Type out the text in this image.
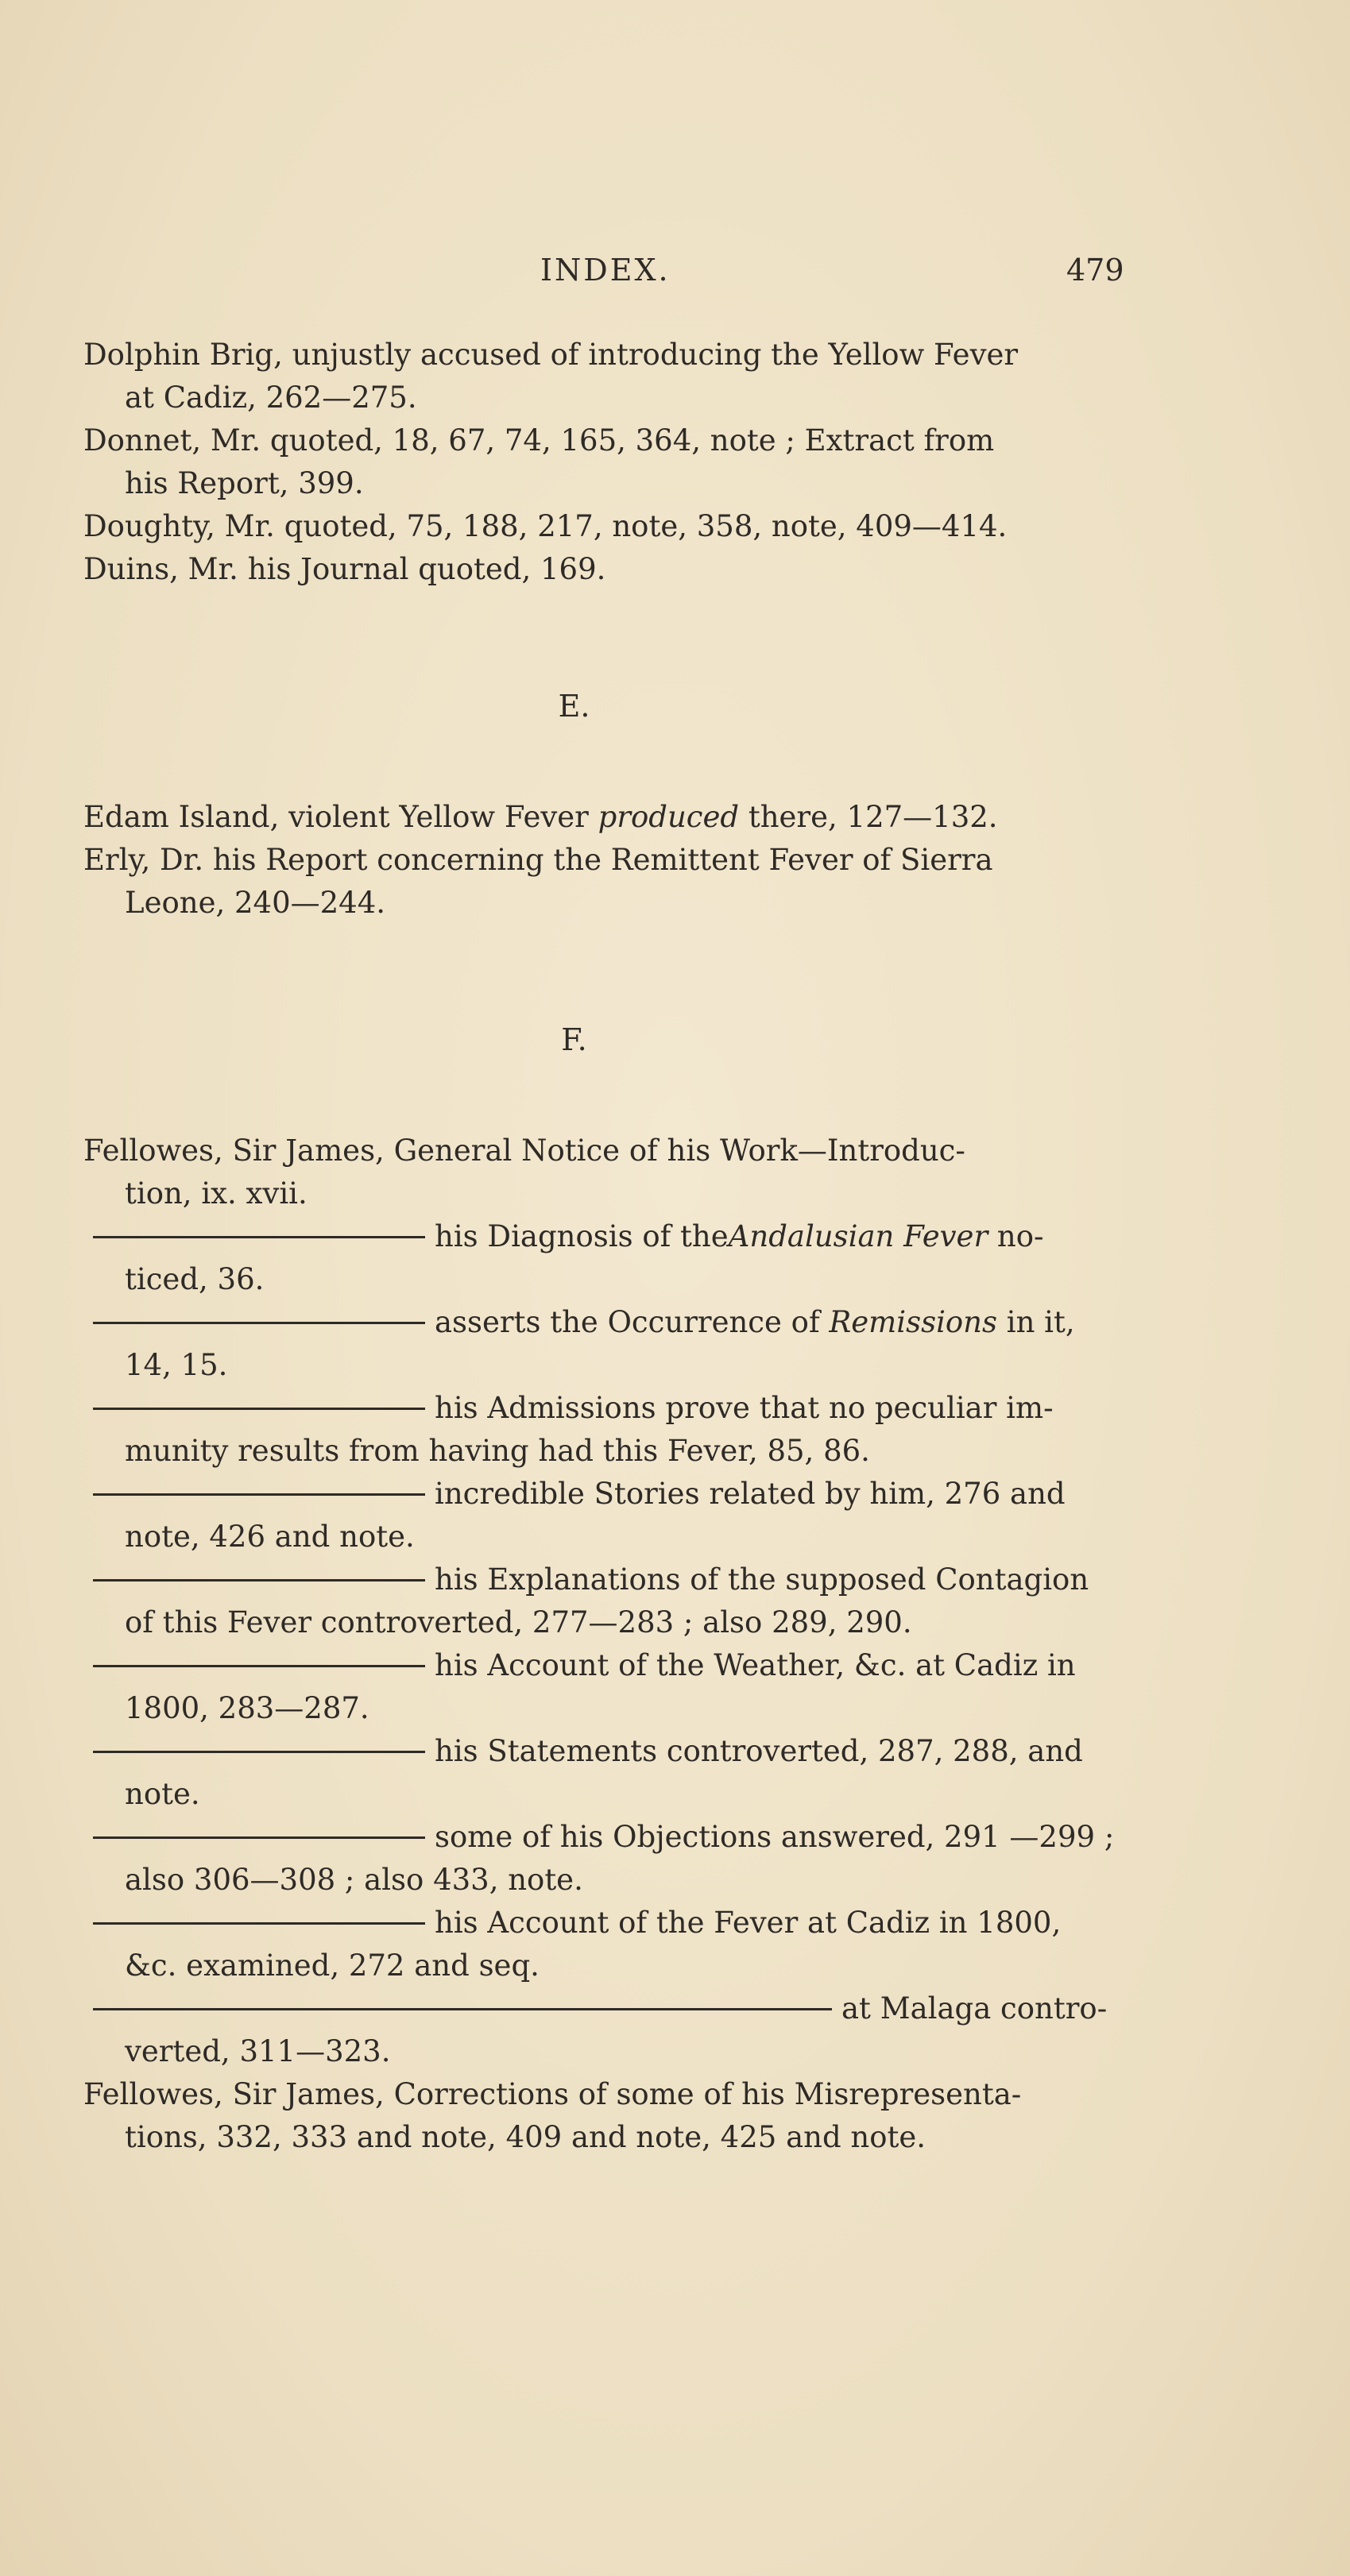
INDEX.	479
Dolphin Brig, unjustly accused of introducing the Yellow Fever
at Cadiz, 262—275.
Donnet, Mr. quoted, 18, 67, 74, 165, 364, note ; Extract from
his Report, 399.
Doughty, Mr. quoted, 75, 188, 217, note, 358, note, 409—414.
Duins, Mr. his Journal quoted, 169.
E.
Edam Island, violent Yellow Fever produced there, 127—132.
Erly, Dr. his Report concerning the Remittent Fever of Sierra
Leone, 240—244.
F.
Fellowes, Sir James, General Notice of his Work—Introduc-
tion, ix. xvii.
his Diagnosis of the Andalusian Fever no-
ticed, 36.
asserts the Occurrence of Remissions in it,
14, 15.
his Admissions prove that no peculiar im-
munity results from having had this Fever, 85, 86.
incredible Stories related by him, 276 and
note, 426 and note.
his Explanations of the supposed Contagion
of this Fever controverted, 277—283 ; also 289, 290.
his Account of the Weather, &c. at Cadiz in
1800, 283—287.
his Statements controverted, 287, 288, and
note.
some of his Objections answered, 291 —299 ;
also 306—308 ; also 433, note.
his Account of the Fever at Cadiz in 1800,
&c. examined, 272 and seq.
at Malaga contro-
verted, 311—323.
Fellowes, Sir James, Corrections of some of his Misrepresenta-
tions, 332, 333 and note, 409 and note, 425 and note.
